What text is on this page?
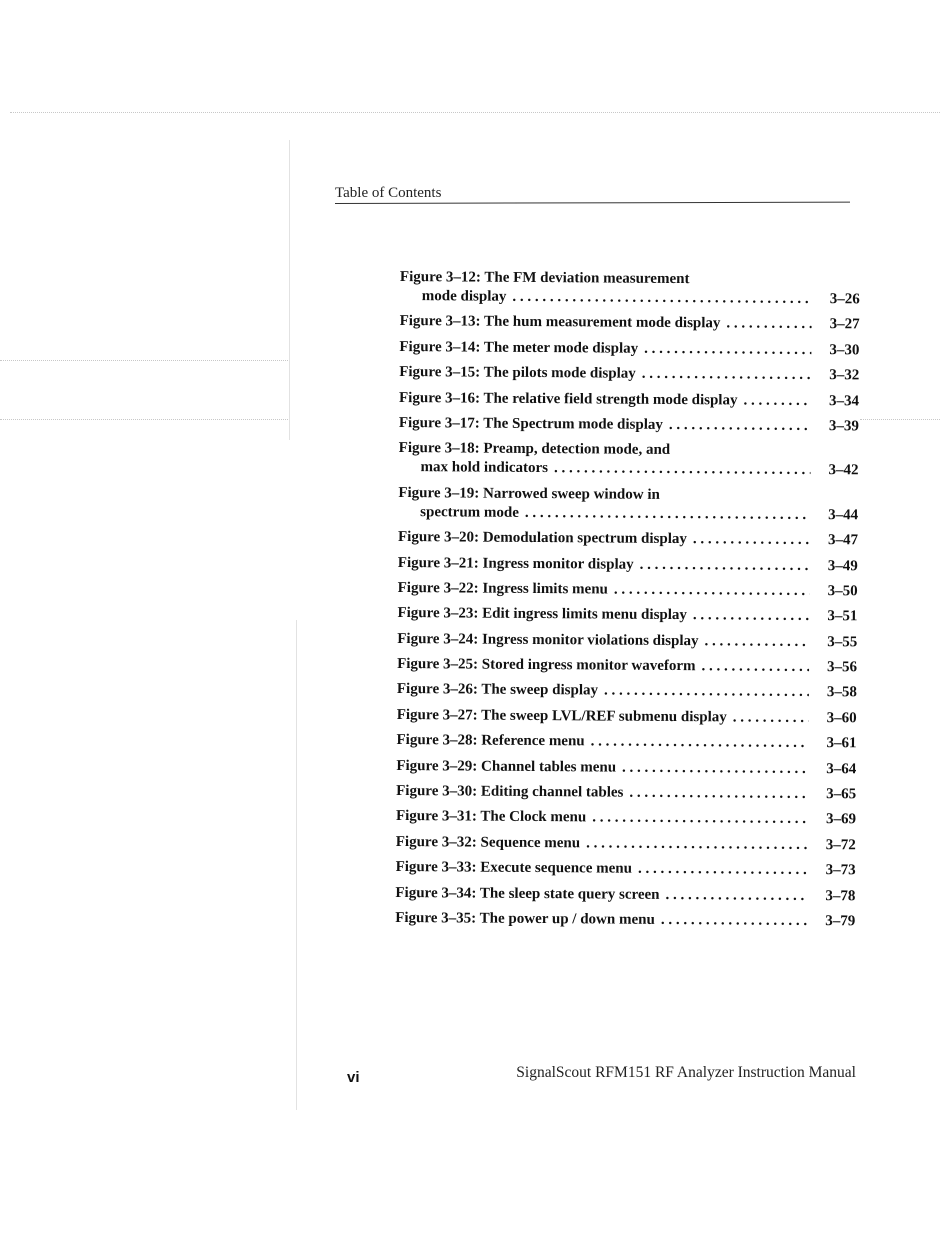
Table of Contents
Figure 3–12: The FM deviation measurement
mode display . . .	3–26
Figure 3–13: The hum measurement mode display . . .	3–27
Figure 3–14: The meter mode display . . .	3–30
Figure 3–15: The pilots mode display . . .	3–32
Figure 3–16: The relative field strength mode display . . .	3–34
Figure 3–17: The Spectrum mode display . . .	3–39
Figure 3–18: Preamp, detection mode, and
max hold indicators . . .	3–42
Figure 3–19: Narrowed sweep window in
spectrum mode . . .	3–44
Figure 3–20: Demodulation spectrum display . . .	3–47
Figure 3–21: Ingress monitor display . . .	3–49
Figure 3–22: Ingress limits menu . . .	3–50
Figure 3–23: Edit ingress limits menu display . . .	3–51
Figure 3–24: Ingress monitor violations display . . .	3–55
Figure 3–25: Stored ingress monitor waveform . . .	3–56
Figure 3–26: The sweep display . . .	3–58
Figure 3–27: The sweep LVL/REF submenu display . . .	3–60
Figure 3–28: Reference menu . . .	3–61
Figure 3–29: Channel tables menu . . .	3–64
Figure 3–30: Editing channel tables . . .	3–65
Figure 3–31: The Clock menu . . .	3–69
Figure 3–32: Sequence menu . . .	3–72
Figure 3–33: Execute sequence menu . . .	3–73
Figure 3–34: The sleep state query screen . . .	3–78
Figure 3–35: The power up / down menu . . .	3–79
vi	SignalScout RFM151 RF Analyzer Instruction Manual
